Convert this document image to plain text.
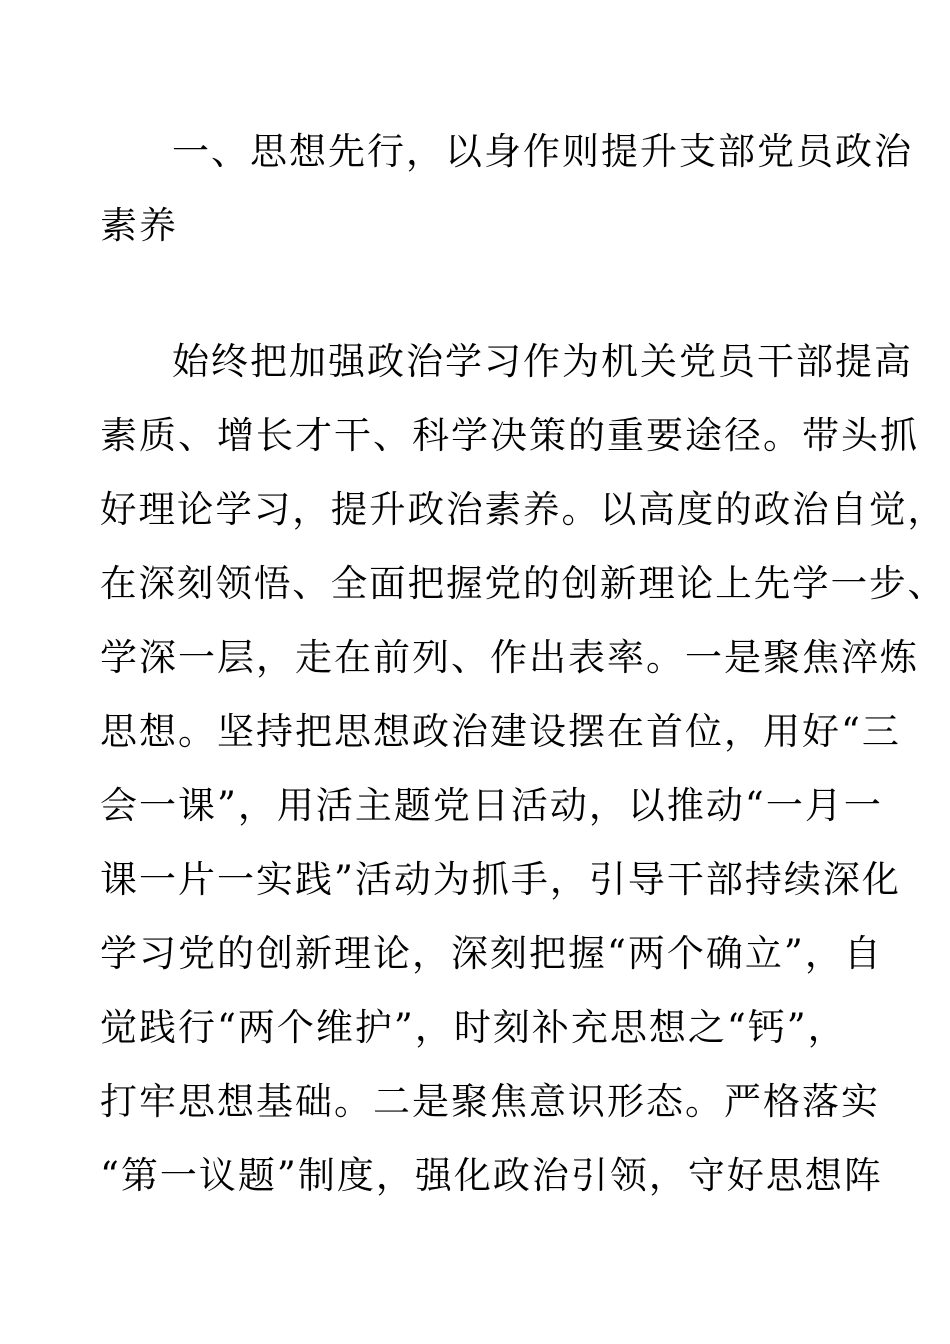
一、思想先行，以身作则提升支部党员政治
素养
始终把加强政治学习作为机关党员干部提高
素质、增长才干、科学决策的重要途径。带头抓
好理论学习，提升政治素养。以高度的政治自觉，
在深刻领悟、全面把握党的创新理论上先学一步、
学深一层，走在前列、作出表率。一是聚焦淬炼
思想。坚持把思想政治建设摆在首位，用好“三
会一课”，用活主题党日活动，以推动“一月一
课一片一实践”活动为抓手，引导干部持续深化
学习党的创新理论，深刻把握“两个确立”，自
觉践行“两个维护”，时刻补充思想之“钙”，
打牢思想基础。二是聚焦意识形态。严格落实
“第一议题”制度，强化政治引领，守好思想阵
